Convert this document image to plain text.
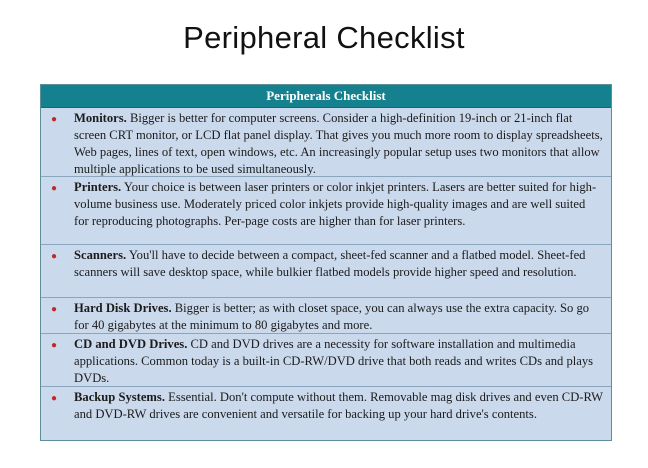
Peripheral Checklist
Peripherals Checklist
● Monitors. Bigger is better for computer screens. Consider a high-definition 19-inch or 21-inch flat screen CRT monitor, or LCD flat panel display. That gives you much more room to display spreadsheets, Web pages, lines of text, open windows, etc. An increasingly popular setup uses two monitors that allow multiple applications to be used simultaneously.
● Printers. Your choice is between laser printers or color inkjet printers. Lasers are better suited for high-volume business use. Moderately priced color inkjets provide high-quality images and are well suited for reproducing photographs. Per-page costs are higher than for laser printers.
● Scanners. You'll have to decide between a compact, sheet-fed scanner and a flatbed model. Sheet-fed scanners will save desktop space, while bulkier flatbed models provide higher speed and resolution.
● Hard Disk Drives. Bigger is better; as with closet space, you can always use the extra capacity. So go for 40 gigabytes at the minimum to 80 gigabytes and more.
● CD and DVD Drives. CD and DVD drives are a necessity for software installation and multimedia applications. Common today is a built-in CD-RW/DVD drive that both reads and writes CDs and plays DVDs.
● Backup Systems. Essential. Don't compute without them. Removable mag disk drives and even CD-RW and DVD-RW drives are convenient and versatile for backing up your hard drive's contents.
